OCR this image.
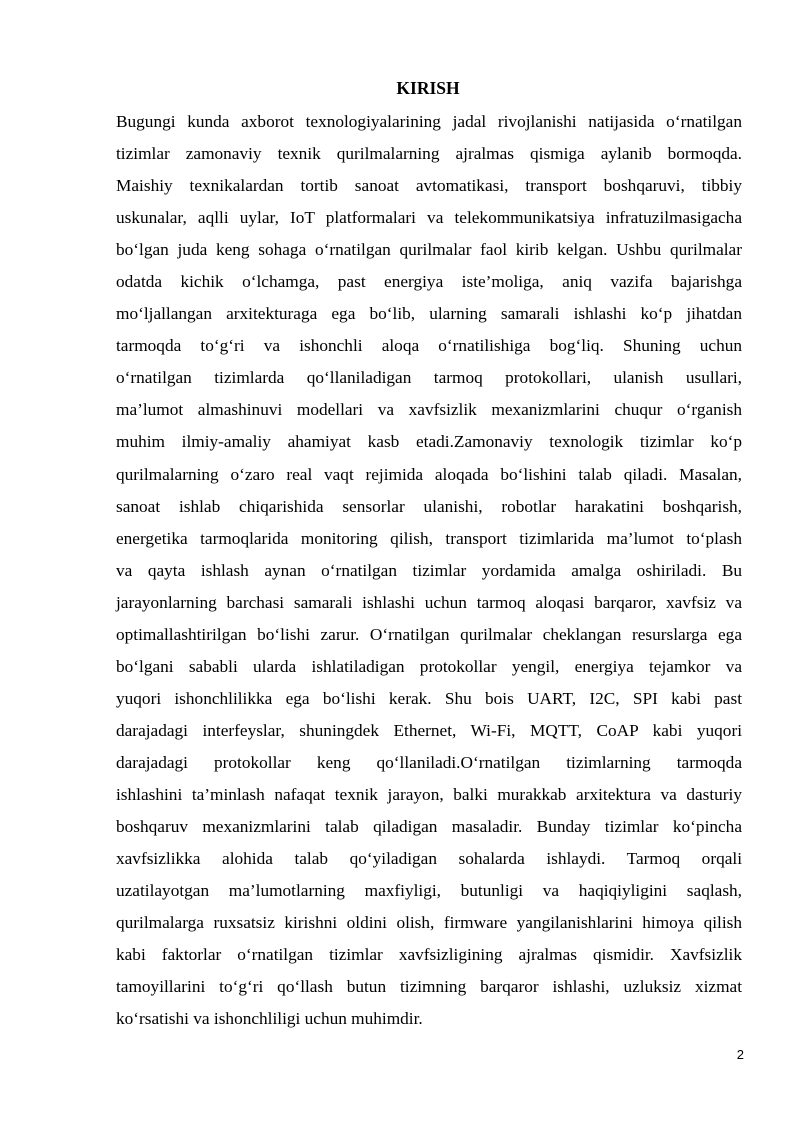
KIRISH

Bugungi kunda axborot texnologiyalarining jadal rivojlanishi natijasida o‘rnatilgan
tizimlar zamonaviy texnik qurilmalarning ajralmas qismiga aylanib bormoqda.
Maishiy texnikalardan tortib sanoat avtomatikasi, transport boshqaruvi, tibbiy
uskunalar, aqlli uylar, IoT platformalari va telekommunikatsiya infratuzilmasigacha
bo‘lgan juda keng sohaga o‘rnatilgan qurilmalar faol kirib kelgan. Ushbu qurilmalar
odatda kichik o‘lchamga, past energiya iste’moliga, aniq vazifa bajarishga
mo‘ljallangan arxitekturaga ega bo‘lib, ularning samarali ishlashi ko‘p jihatdan
tarmoqda to‘g‘ri va ishonchli aloqa o‘rnatilishiga bog‘liq. Shuning uchun
o‘rnatilgan tizimlarda qo‘llaniladigan tarmoq protokollari, ulanish usullari,
ma’lumot almashinuvi modellari va xavfsizlik mexanizmlarini chuqur o‘rganish
muhim ilmiy-amaliy ahamiyat kasb etadi.Zamonaviy texnologik tizimlar ko‘p
qurilmalarning o‘zaro real vaqt rejimida aloqada bo‘lishini talab qiladi. Masalan,
sanoat ishlab chiqarishida sensorlar ulanishi, robotlar harakatini boshqarish,
energetika tarmoqlarida monitoring qilish, transport tizimlarida ma’lumot to‘plash
va qayta ishlash aynan o‘rnatilgan tizimlar yordamida amalga oshiriladi. Bu
jarayonlarning barchasi samarali ishlashi uchun tarmoq aloqasi barqaror, xavfsiz va
optimallashtirilgan bo‘lishi zarur. O‘rnatilgan qurilmalar cheklangan resurslarga ega
bo‘lgani sababli ularda ishlatiladigan protokollar yengil, energiya tejamkor va
yuqori ishonchlilikka ega bo‘lishi kerak. Shu bois UART, I2C, SPI kabi past
darajadagi interfeyslar, shuningdek Ethernet, Wi-Fi, MQTT, CoAP kabi yuqori
darajadagi protokollar keng qo‘llaniladi.O‘rnatilgan tizimlarning tarmoqda
ishlashini ta’minlash nafaqat texnik jarayon, balki murakkab arxitektura va dasturiy
boshqaruv mexanizmlarini talab qiladigan masaladir. Bunday tizimlar ko‘pincha
xavfsizlikka alohida talab qo‘yiladigan sohalarda ishlaydi. Tarmoq orqali
uzatilayotgan ma’lumotlarning maxfiyligi, butunligi va haqiqiyligini saqlash,
qurilmalarga ruxsatsiz kirishni oldini olish, firmware yangilanishlarini himoya qilish
kabi faktorlar o‘rnatilgan tizimlar xavfsizligining ajralmas qismidir. Xavfsizlik
tamoyillarini to‘g‘ri qo‘llash butun tizimning barqaror ishlashi, uzluksiz xizmat
ko‘rsatishi va ishonchliligi uchun muhimdir.

2
